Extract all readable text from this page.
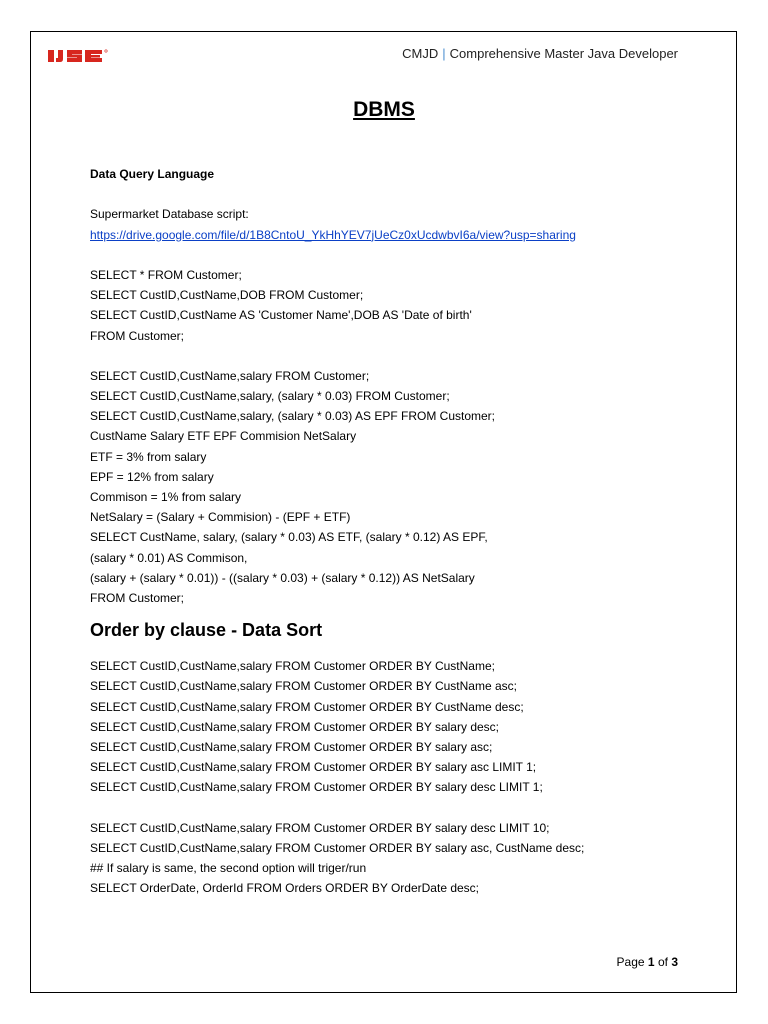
CMJD | Comprehensive Master Java Developer
DBMS
Data Query Language
Supermarket Database script:
https://drive.google.com/file/d/1B8CntoU_YkHhYEV7jUeCz0xUcdwbvI6a/view?usp=sharing
SELECT * FROM Customer;
SELECT CustID,CustName,DOB FROM Customer;
SELECT CustID,CustName AS 'Customer Name',DOB AS 'Date of birth'
FROM Customer;
SELECT CustID,CustName,salary FROM Customer;
SELECT CustID,CustName,salary, (salary * 0.03) FROM Customer;
SELECT CustID,CustName,salary, (salary * 0.03) AS EPF FROM Customer;
CustName Salary ETF EPF Commision NetSalary
ETF = 3% from salary
EPF = 12% from salary
Commison = 1% from salary
NetSalary = (Salary + Commision) - (EPF + ETF)
SELECT CustName, salary, (salary * 0.03) AS ETF, (salary * 0.12) AS EPF,
(salary * 0.01) AS Commison,
(salary + (salary * 0.01)) - ((salary * 0.03) + (salary * 0.12)) AS NetSalary
FROM Customer;
Order by clause - Data Sort
SELECT CustID,CustName,salary FROM Customer ORDER BY CustName;
SELECT CustID,CustName,salary FROM Customer ORDER BY CustName asc;
SELECT CustID,CustName,salary FROM Customer ORDER BY CustName desc;
SELECT CustID,CustName,salary FROM Customer ORDER BY salary desc;
SELECT CustID,CustName,salary FROM Customer ORDER BY salary asc;
SELECT CustID,CustName,salary FROM Customer ORDER BY salary asc LIMIT 1;
SELECT CustID,CustName,salary FROM Customer ORDER BY salary desc LIMIT 1;
SELECT CustID,CustName,salary FROM Customer ORDER BY salary desc LIMIT 10;
SELECT CustID,CustName,salary FROM Customer ORDER BY salary asc, CustName desc;
## If salary is same, the second option will triger/run
SELECT OrderDate, OrderId FROM Orders ORDER BY OrderDate desc;
Page 1 of 3
